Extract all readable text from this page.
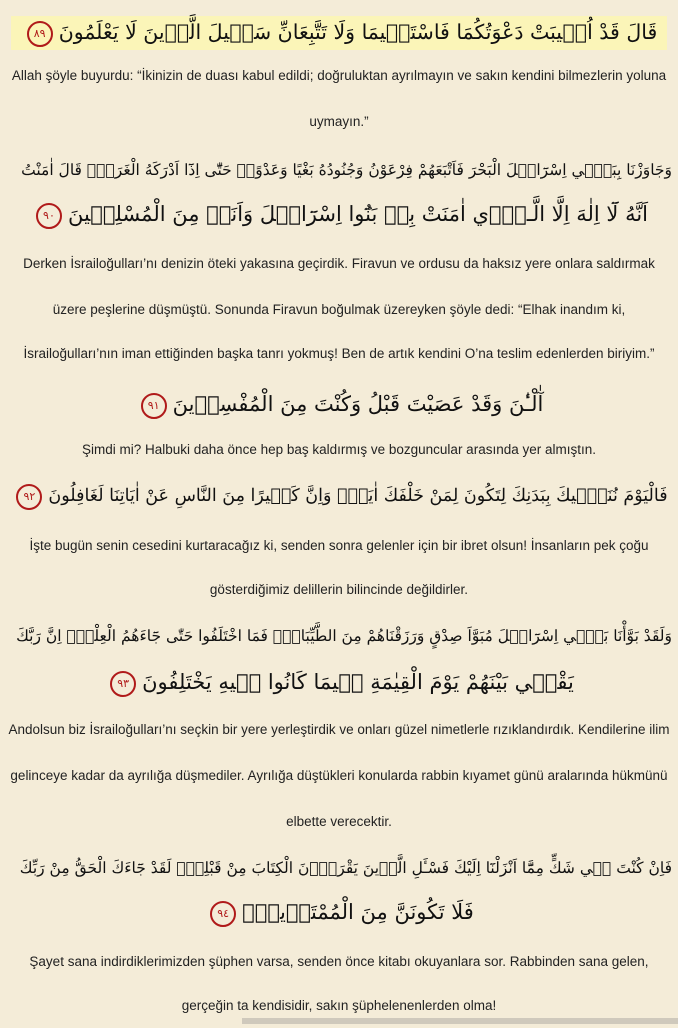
قَالَ قَدْ اُج۪يبَتْ دَعْوَتُكُمَا فَاسْتَق۪يمَا وَلَا تَتَّبِعَانِّ سَب۪يلَ الَّذ۪ينَ لَا يَعْلَمُونَ٨٩
Allah şöyle buyurdu: “İkinizin de duası kabul edildi; doğruluktan ayrılmayın ve sakın kendini bilmezlerin yoluna
uymayın.”
وَجَاوَزْنَا بِبَن۪ٓي اِسْرَٓائ۪لَ الْبَحْرَ فَاَتْبَعَهُمْ فِرْعَوْنُ وَجُنُودُهُ بَغْيًا وَعَدْوًاۜ حَتّٰٓى اِذَٓا اَدْرَكَهُ الْغَرَقُۙ قَالَ اٰمَنْتُ
اَنَّهُ لَٓا اِلٰهَ اِلَّا الَّـذ۪ٓي اٰمَنَتْ بِه۪ بَنُٓوا اِسْرَٓائ۪لَ وَاَنَا۬ مِنَ الْمُسْلِم۪ينَ٩٠
Derken İsrailoğulları’nı denizin öteki yakasına geçirdik. Firavun ve ordusu da haksız yere onlara saldırmak
üzere peşlerine düşmüştü. Sonunda Firavun boğulmak üzereyken şöyle dedi: “Elhak inandım ki,
İsrailoğulları’nın iman ettiğinden başka tanrı yokmuş! Ben de artık kendini O’na teslim edenlerden biriyim.”
آٰلْـٰٔنَ وَقَدْ عَصَيْتَ قَبْلُ وَكُنْتَ مِنَ الْمُفْسِد۪ينَ٩١
Şimdi mi? Halbuki daha önce hep baş kaldırmış ve bozguncular arasında yer almıştın.
فَالْيَوْمَ نُنَجّ۪يكَ بِبَدَنِكَ لِتَكُونَ لِمَنْ خَلْفَكَ اٰيَةًۜ وَاِنَّ كَث۪يرًا مِنَ النَّاسِ عَنْ اٰيَاتِنَا لَغَافِلُونَ٩٢
İşte bugün senin cesedini kurtaracağız ki, senden sonra gelenler için bir ibret olsun! İnsanların pek çoğu
gösterdiğimiz delillerin bilincinde değildirler.
وَلَقَدْ بَوَّأْنَا بَن۪ٓي اِسْرَٓائ۪لَ مُبَوَّاَ صِدْقٍ وَرَزَقْنَاهُمْ مِنَ الطَّيِّبَاتِۚ فَمَا اخْتَلَفُوا حَتّٰى جَٓاءَهُمُ الْعِلْمُۜ اِنَّ رَبَّكَ
يَقْض۪ي بَيْنَهُمْ يَوْمَ الْقِيٰمَةِ ف۪يمَا كَانُوا ف۪يهِ يَخْتَلِفُونَ٩٣
Andolsun biz İsrailoğulları’nı seçkin bir yere yerleştirdik ve onları güzel nimetlerle rızıklandırdık. Kendilerine ilim
gelinceye kadar da ayrılığa düşmediler. Ayrılığa düştükleri konularda rabbin kıyamet günü aralarında hükmünü
elbette verecektir.
فَاِنْ كُنْتَ ف۪ي شَكٍّ مِمَّٓا اَنْزَلْنَٓا اِلَيْكَ فَسْـَٔلِ الَّذ۪ينَ يَقْرَؤُ۫نَ الْكِتَابَ مِنْ قَبْلِكَۚ لَقَدْ جَٓاءَكَ الْحَقُّ مِنْ رَبِّكَ
فَلَا تَكُونَنَّ مِنَ الْمُمْتَر۪ينَۙ٩٤
Şayet sana indirdiklerimizden şüphen varsa, senden önce kitabı okuyanlara sor. Rabbinden sana gelen,
gerçeğin ta kendisidir, sakın şüphelenenlerden olma!
